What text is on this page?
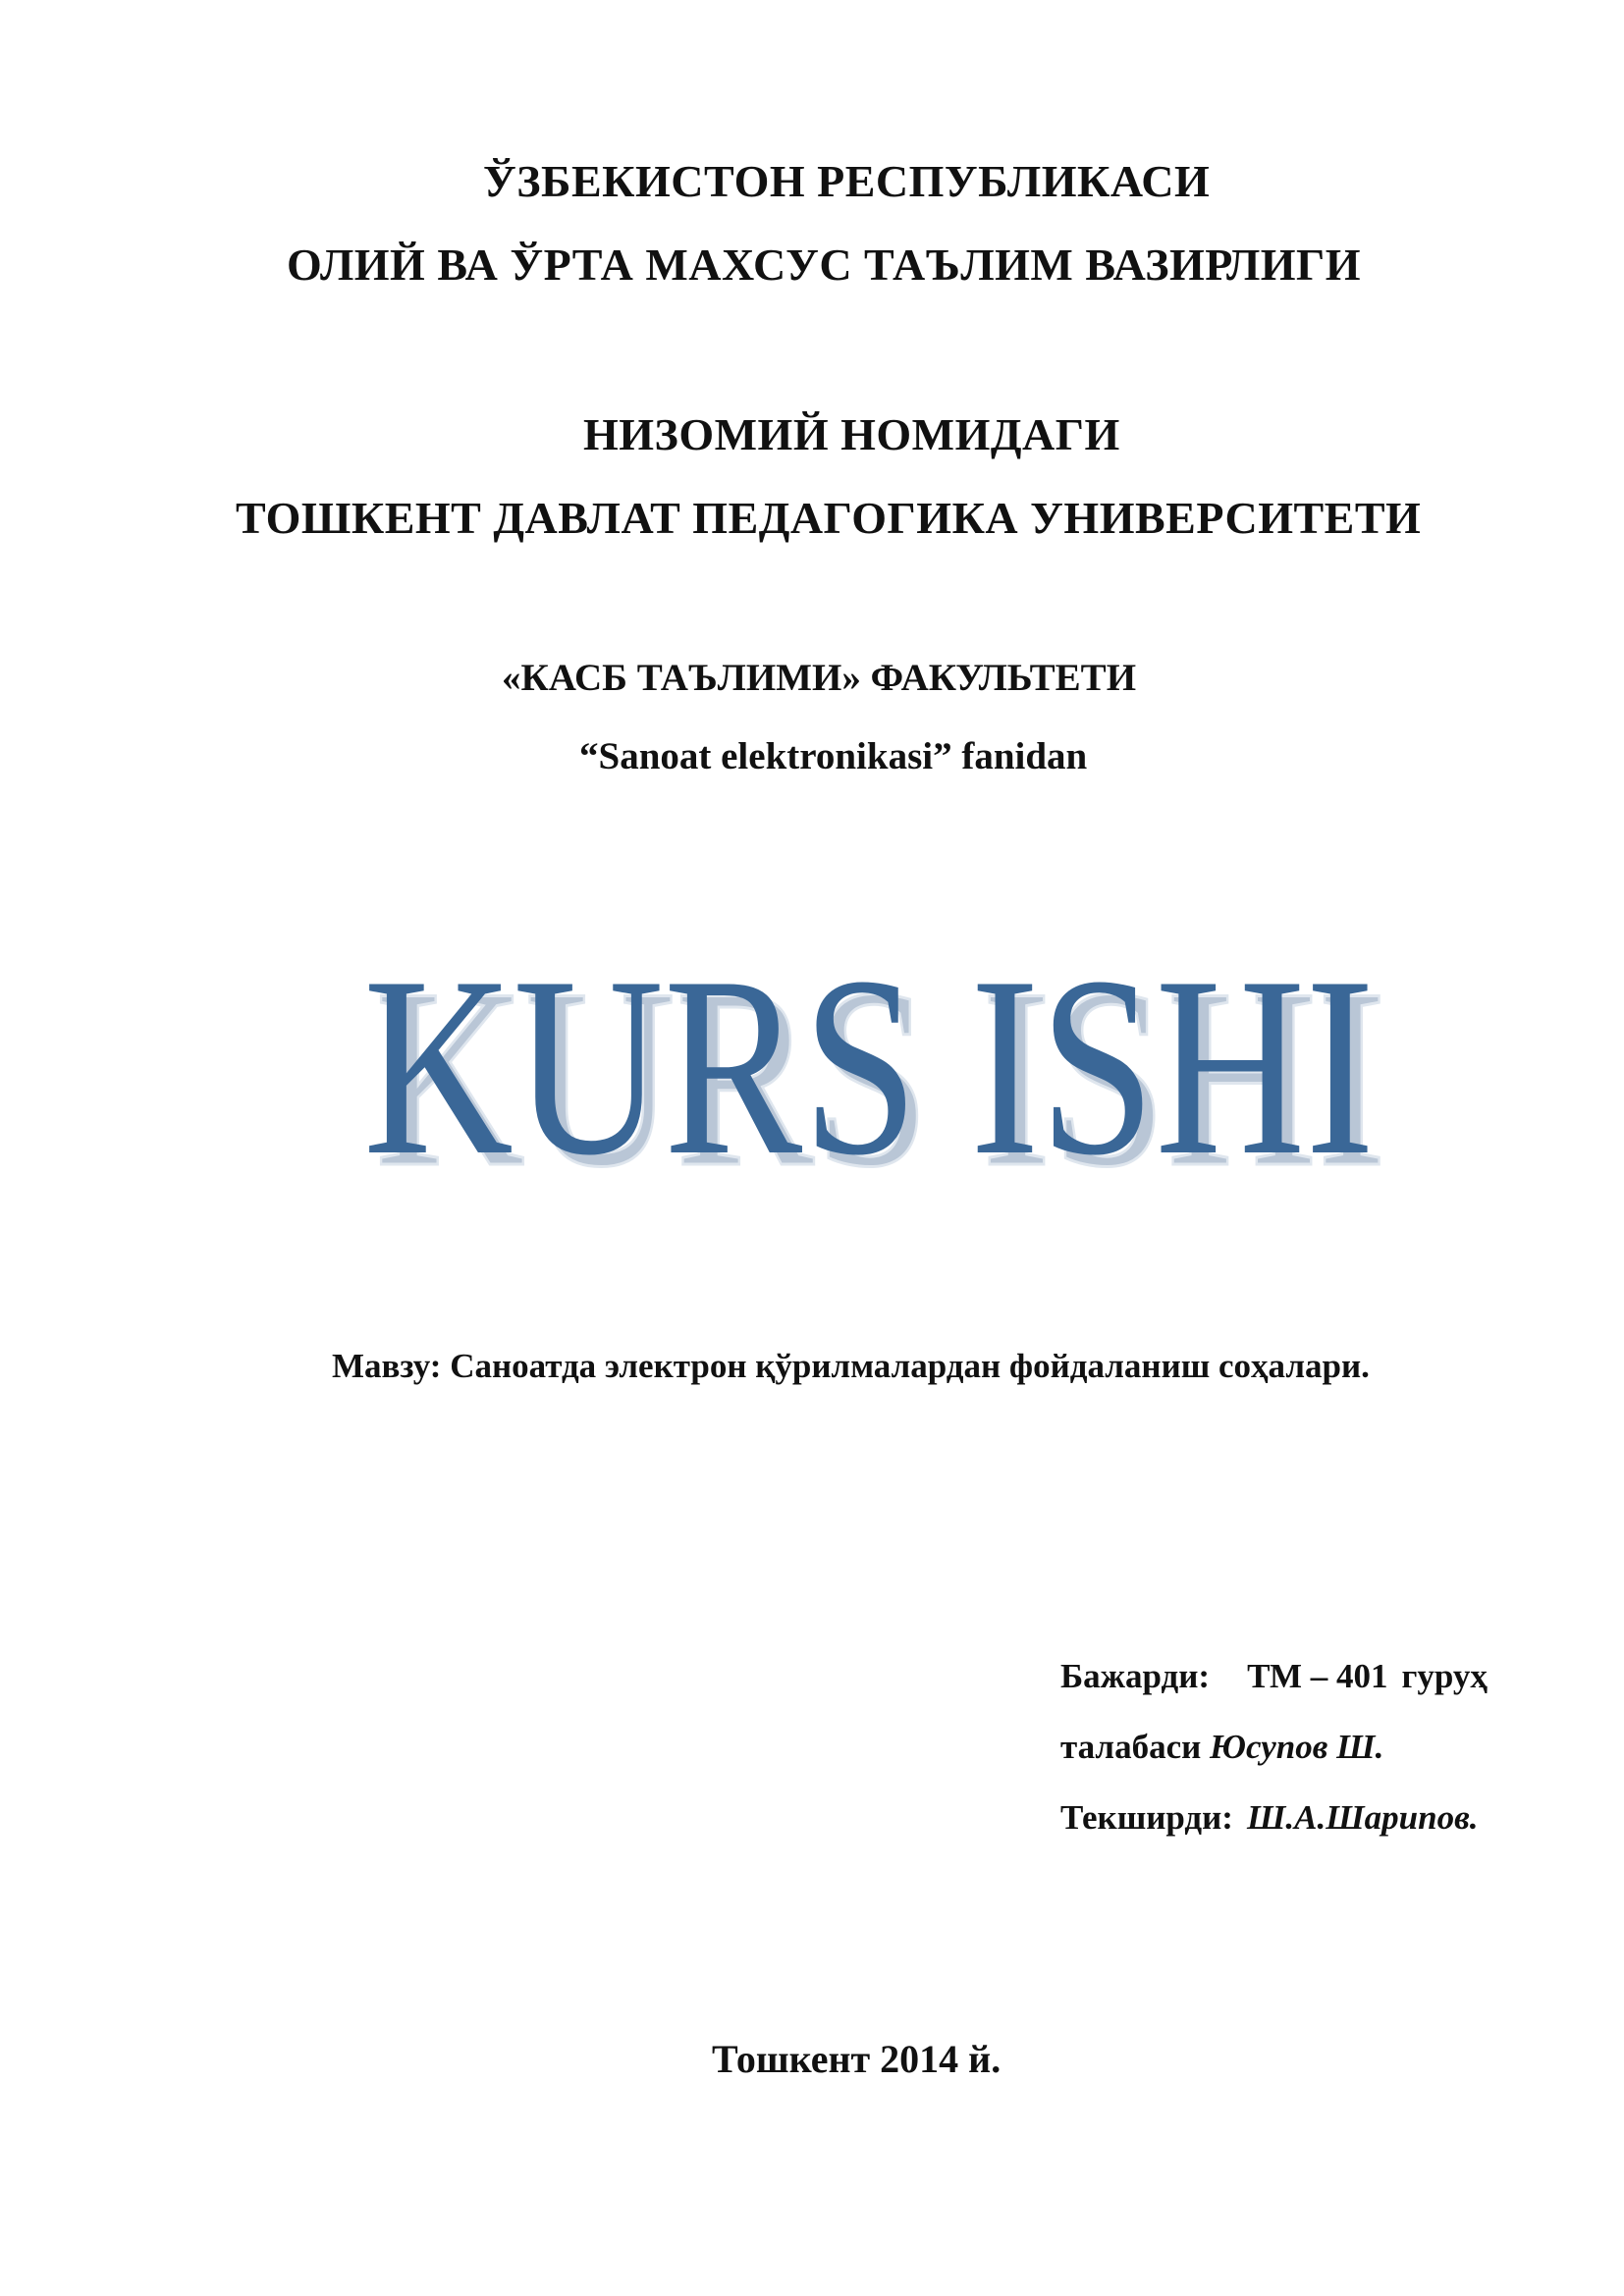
ЎЗБЕКИСТОН РЕСПУБЛИКАСИ
ОЛИЙ ВА ЎРТА МАХСУС ТАЪЛИМ ВАЗИРЛИГИ
НИЗОМИЙ НОМИДАГИ
ТОШКЕНТ ДАВЛАТ ПЕДАГОГИКА УНИВЕРСИТЕТИ
«КАСБ ТАЪЛИМИ» ФАКУЛЬТЕТИ
“Sanoat elektronikasi” fanidan
KURS ISHI
KURS ISHI
Мавзу: Саноатда электрон қўрилмалардан фойдаланиш соҳалари.
Бажарди: ТМ – 401 гуруҳ
талабаси Юсупов Ш.
Текширди: Ш.А.Шарипов.
Тошкент 2014 й.
